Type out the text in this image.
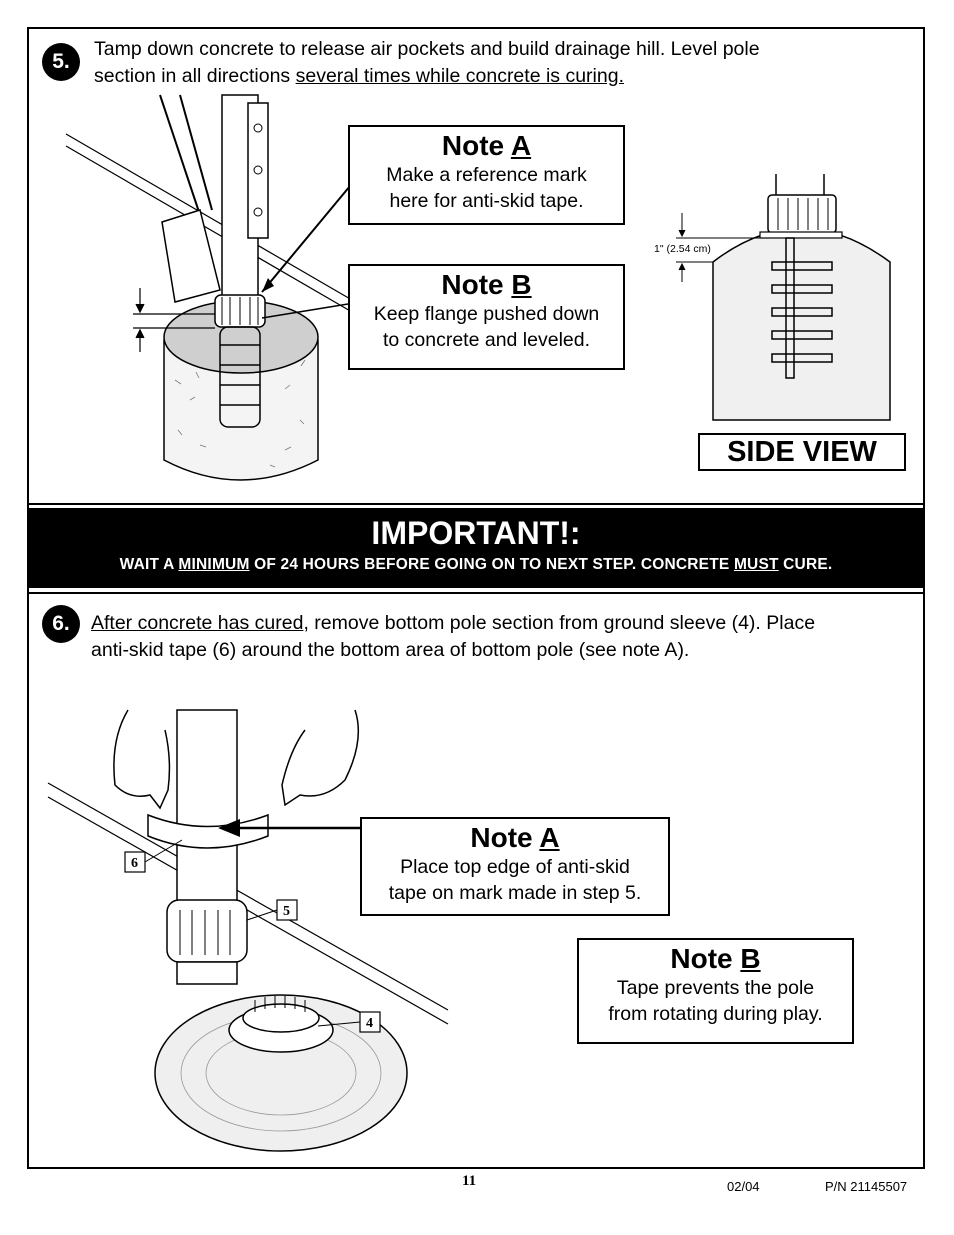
5.
Tamp down concrete to release air pockets and build drainage hill. Level pole
section in all directions several times while concrete is curing.
1" (2.54 cm)
Note A
Make a reference mark
here for anti-skid tape.
Note B
Keep flange pushed down
to concrete and leveled.
SIDE VIEW
IMPORTANT!:
WAIT A MINIMUM OF 24 HOURS BEFORE GOING ON TO NEXT STEP. CONCRETE MUST CURE.
6. After concrete has cured, remove bottom pole section from ground sleeve (4). Place
anti-skid tape (6) around the bottom area of bottom pole (see note A).
6
5
4
Note A
Place top edge of anti-skid
tape on mark made in step 5.
Note B
Tape prevents the pole
from rotating during play.
11	02/04	P/N 21145507
